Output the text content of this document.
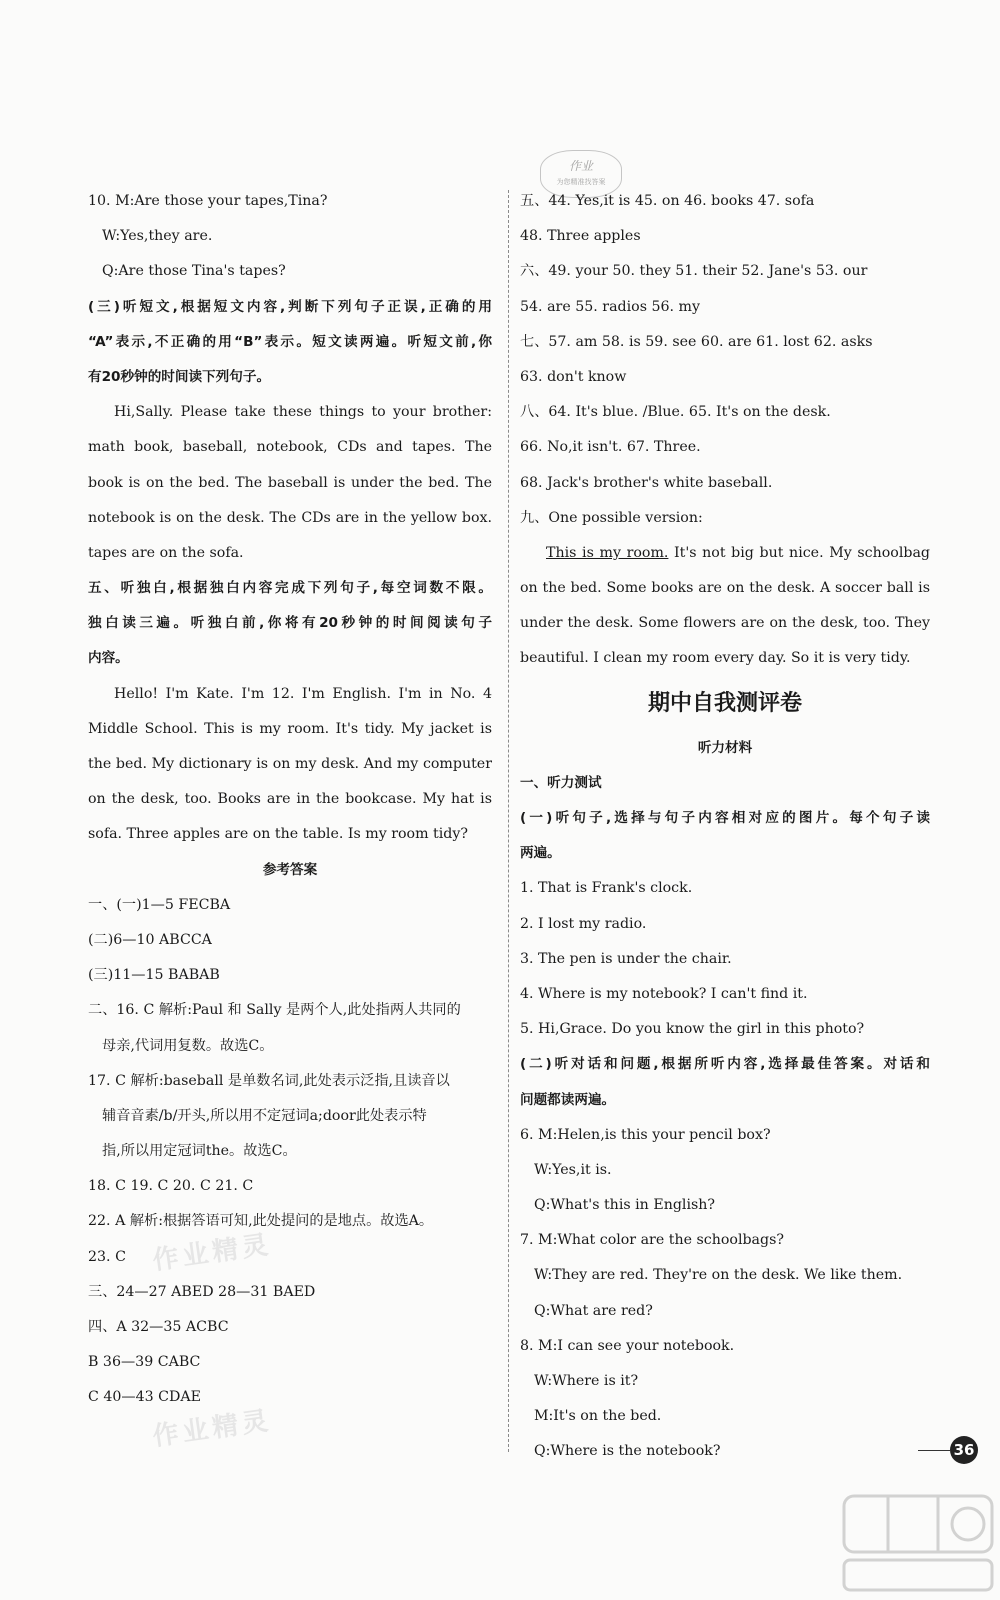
作业
为您精准找答案
10. M:Are those your tapes,Tina?
W:Yes,they are.
Q:Are those Tina's tapes?
(三)听短文,根据短文内容,判断下列句子正误,正确的用
“A”表示,不正确的用“B”表示。短文读两遍。听短文前,你
有20秒钟的时间读下列句子。
Hi,Sally. Please take these things to your brother:
math book, baseball, notebook, CDs and tapes. The
book is on the bed. The baseball is under the bed. The
notebook is on the desk. The CDs are in the yellow box.
tapes are on the sofa.
五、听独白,根据独白内容完成下列句子,每空词数不限。
独白读三遍。听独白前,你将有20秒钟的时间阅读句子
内容。
Hello! I'm Kate. I'm 12. I'm English. I'm in No. 4
Middle School. This is my room. It's tidy. My jacket is
the bed. My dictionary is on my desk. And my computer
on the desk, too. Books are in the bookcase. My hat is
sofa. Three apples are on the table. Is my room tidy?
参考答案
一、(一)1—5 FECBA
(二)6—10 ABCCA
(三)11—15 BABAB
二、16. C 解析:Paul 和 Sally 是两个人,此处指两人共同的
母亲,代词用复数。故选C。
17. C 解析:baseball 是单数名词,此处表示泛指,且读音以
辅音音素/b/开头,所以用不定冠词a;door此处表示特
指,所以用定冠词the。故选C。
18. C 19. C 20. C 21. C
22. A 解析:根据答语可知,此处提问的是地点。故选A。
23. C
三、24—27 ABED 28—31 BAED
四、A 32—35 ACBC
B 36—39 CABC
C 40—43 CDAE
五、44. Yes,it is 45. on 46. books 47. sofa
48. Three apples
六、49. your 50. they 51. their 52. Jane's 53. our
54. are 55. radios 56. my
七、57. am 58. is 59. see 60. are 61. lost 62. asks
63. don't know
八、64. It's blue. /Blue. 65. It's on the desk.
66. No,it isn't. 67. Three.
68. Jack's brother's white baseball.
九、One possible version:
This is my room. It's not big but nice. My schoolbag
on the bed. Some books are on the desk. A soccer ball is
under the desk. Some flowers are on the desk, too. They
beautiful. I clean my room every day. So it is very tidy.
期中自我测评卷
听力材料
一、听力测试
(一)听句子,选择与句子内容相对应的图片。每个句子读
两遍。
1. That is Frank's clock.
2. I lost my radio.
3. The pen is under the chair.
4. Where is my notebook? I can't find it.
5. Hi,Grace. Do you know the girl in this photo?
(二)听对话和问题,根据所听内容,选择最佳答案。对话和
问题都读两遍。
6. M:Helen,is this your pencil box?
W:Yes,it is.
Q:What's this in English?
7. M:What color are the schoolbags?
W:They are red. They're on the desk. We like them.
Q:What are red?
8. M:I can see your notebook.
W:Where is it?
M:It's on the bed.
Q:Where is the notebook?
作业精灵
作业精灵	36
